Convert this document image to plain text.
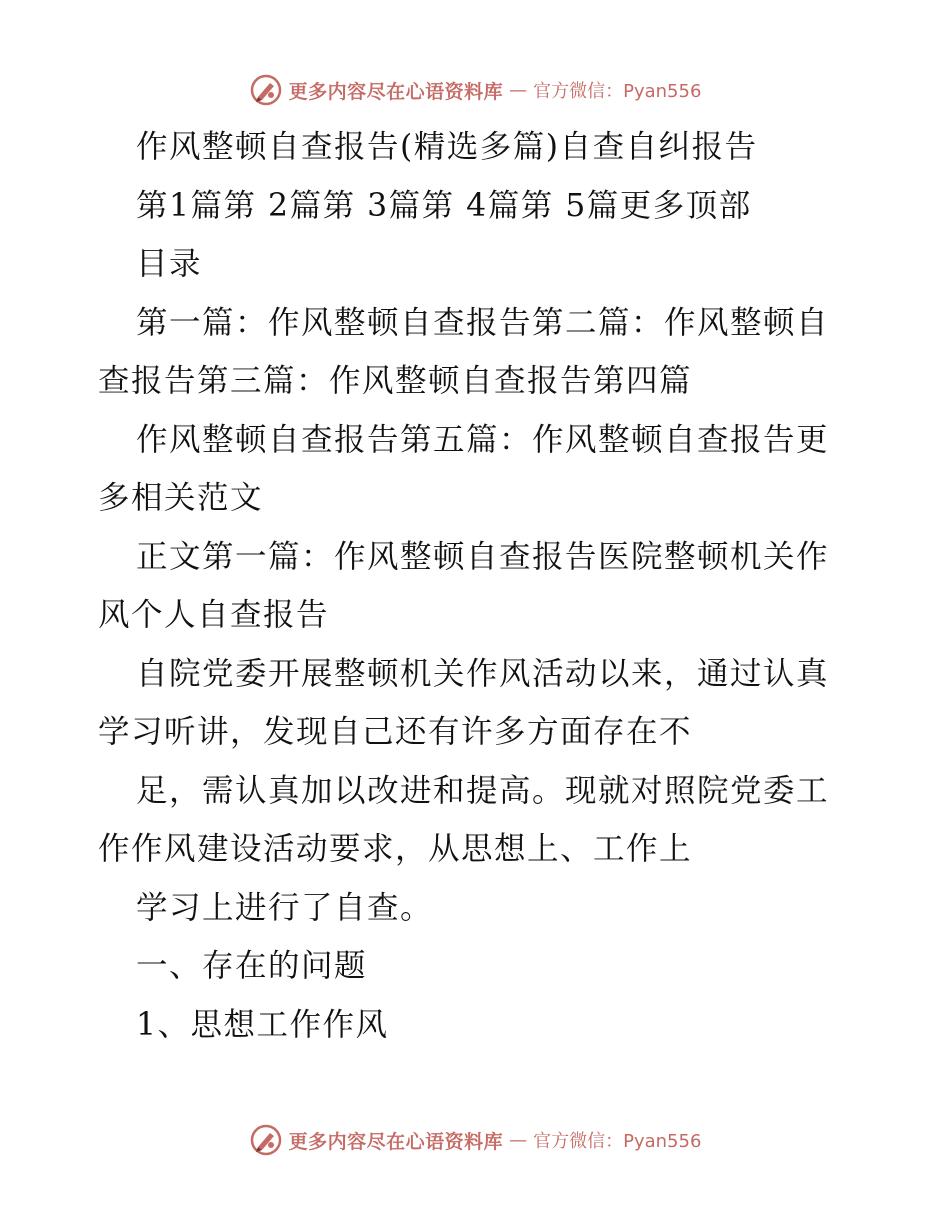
更多内容尽在心语资料库 — 官方微信：Pyan556

作风整顿自查报告(精选多篇)自查自纠报告

第1篇第 2篇第 3篇第 4篇第 5篇更多顶部

目录

第一篇：作风整顿自查报告第二篇：作风整顿自查报告第三篇：作风整顿自查报告第四篇

作风整顿自查报告第五篇：作风整顿自查报告更多相关范文

正文第一篇：作风整顿自查报告医院整顿机关作风个人自查报告

自院党委开展整顿机关作风活动以来，通过认真学习听讲，发现自己还有许多方面存在不

足，需认真加以改进和提高。现就对照院党委工作作风建设活动要求，从思想上、工作上

学习上进行了自查。

一、存在的问题

1、思想工作作风

更多内容尽在心语资料库 — 官方微信：Pyan556
